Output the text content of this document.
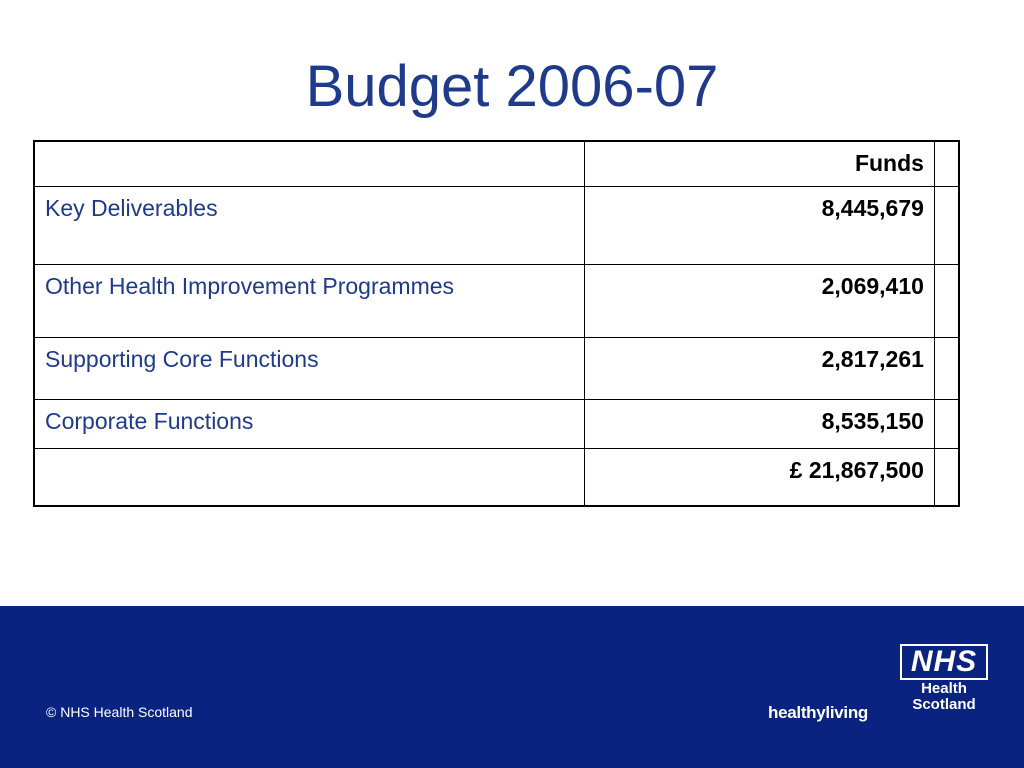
Budget 2006-07
	Funds	
Key Deliverables	8,445,679	
Other Health Improvement Programmes	2,069,410	
Supporting Core Functions	2,817,261	
Corporate Functions	8,535,150	
	£ 21,867,500	
© NHS Health Scotland	healthyliving
NHS
Health
Scotland
